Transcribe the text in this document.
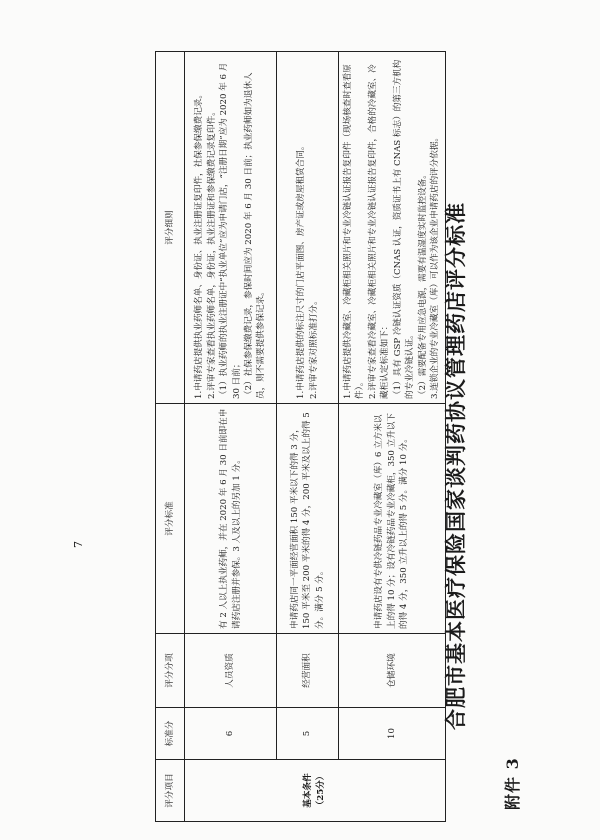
附件 3
合肥市基本医疗保险国家谈判药协议管理药店评分标准
评分项目	标准分	评分分项	评分标准	评分细则
基本条件（25分）	6	人员资质	有 2 人以上执业药师，并在 2020 年 6 月 30 日前即在申请药店注册并参保。3 人及以上的另加 1 分。	1.申请药店提供执业药师名单、身份证、执业注册证复印件，社保参保缴费记录。 2.评审专家查看执业药师名单，身份证，执业注册证和参保缴费记录复印件。 （1）执业药师的执业注册证中“执业单位”应为申请门店，“注册日期”应为 2020 年 6 月 30 日前； （2）社保参保缴费记录，参保时间应为 2020 年 6 月 30 日前；执业药师如为退休人员，则不需要提供参保记录。

	5	经营面积	申请药店同一平面经营面积 150 平米以下的得 3 分，150 平米至 200 平米的得 4 分，200 平米及以上的得 5 分。满分 5 分。	1.申请药店提供的标注尺寸的门店平面图、房产证或房屋租赁合同。 2.评审专家对照标准打分。

	10	仓储环境	申请药店设有专供冷链药品专业冷藏室（库）6 立方米以上的得 10 分；设有冷链药品专业冷藏柜，350 立升以下的得 4 分，350 立升以上的得 5 分。满分 10 分。	1.申请药店提供冷藏室、冷藏柜相关照片和专业冷链认证报告复印件（现场核查时查看原件）。 2.评审专家查看冷藏室、冷藏柜相关照片和专业冷链认证报告复印件，合格的冷藏室、冷藏柜认定标准如下： （1）具有 GSP 冷链认证资质（CNAS 认证，资质证书上有 CNAS 标志）的第三方机构的专业冷链认证。 （2）需要配备专用应急电源，需要有温湿度实时监控设备。 3.连锁企业的专业冷藏室（库）可以作为该企业申请药店的评分依据。
7
